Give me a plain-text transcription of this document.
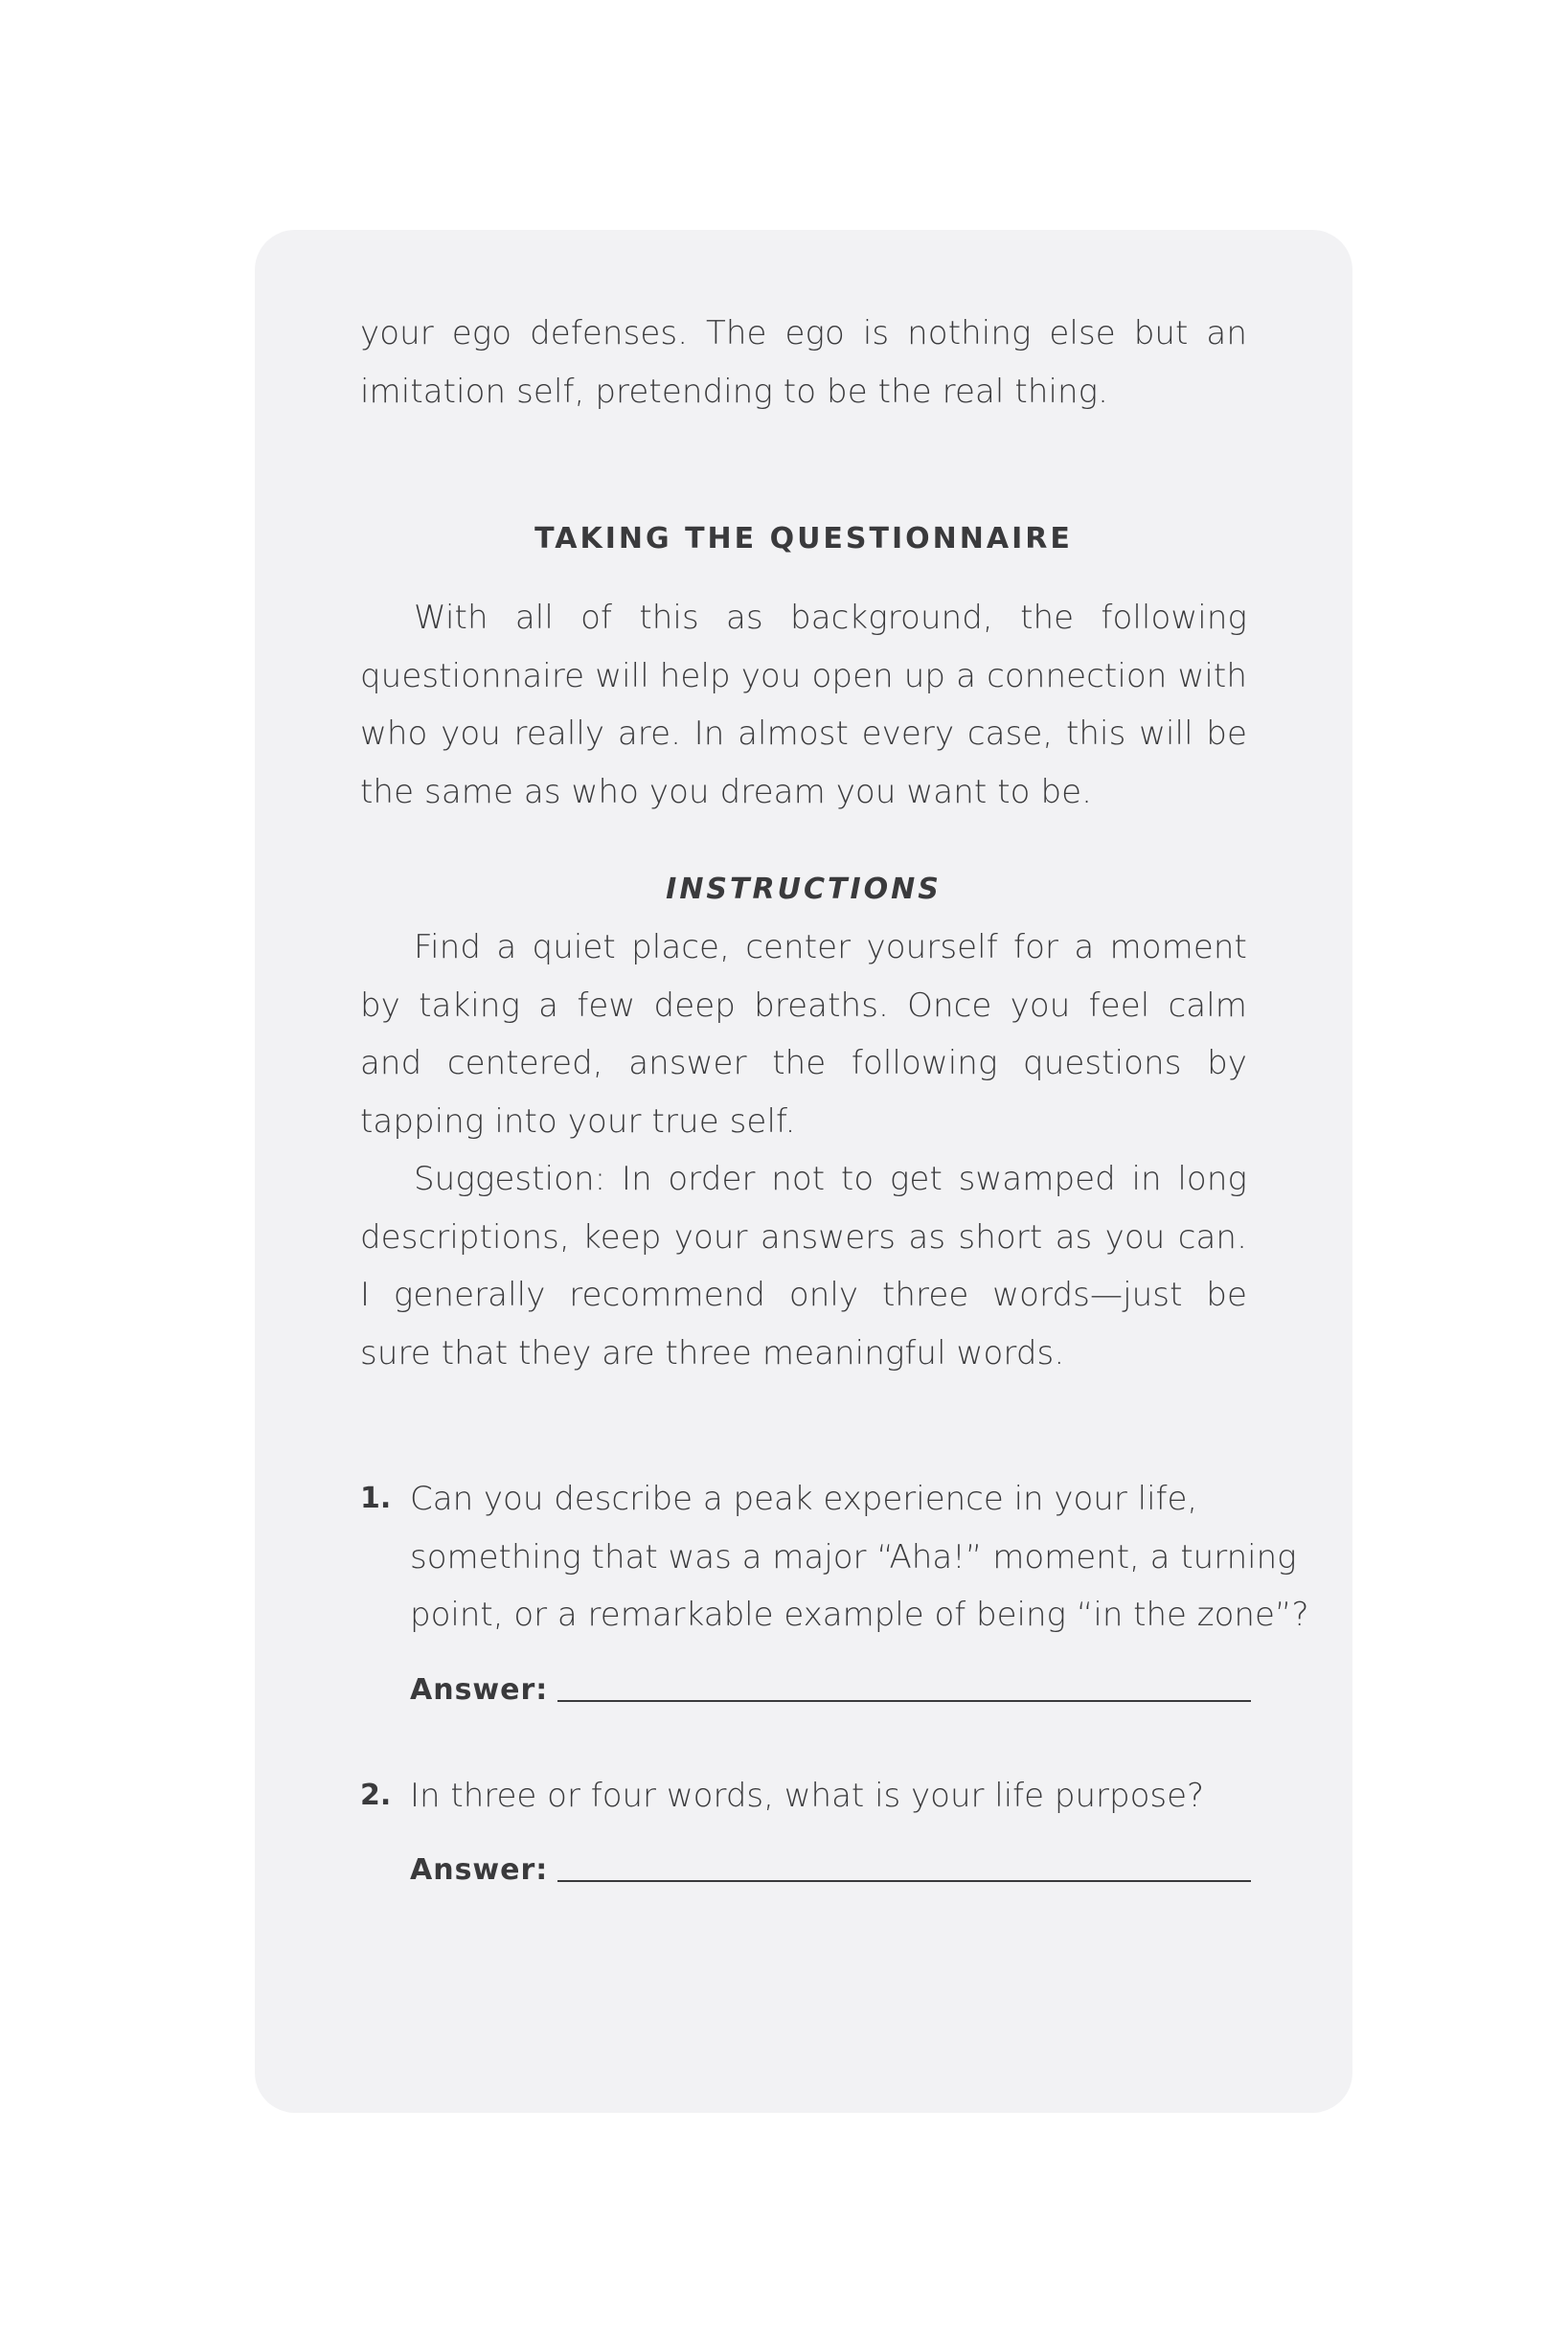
your ego defenses. The ego is nothing else but an imitation self, pretending to be the real thing.

TAKING THE QUESTIONNAIRE

With all of this as background, the following questionnaire will help you open up a connection with who you really are. In almost every case, this will be the same as who you dream you want to be.

INSTRUCTIONS

Find a quiet place, center yourself for a moment by taking a few deep breaths. Once you feel calm and centered, answer the following questions by tapping into your true self.

Suggestion: In order not to get swamped in long descriptions, keep your answers as short as you can. I generally recommend only three words—just be sure that they are three meaningful words.

1. Can you describe a peak experience in your life,

something that was a major “Aha!” moment, a turning

point, or a remarkable example of being “in the zone”?

Answer:
2. In three or four words, what is your life purpose?

Answer:
